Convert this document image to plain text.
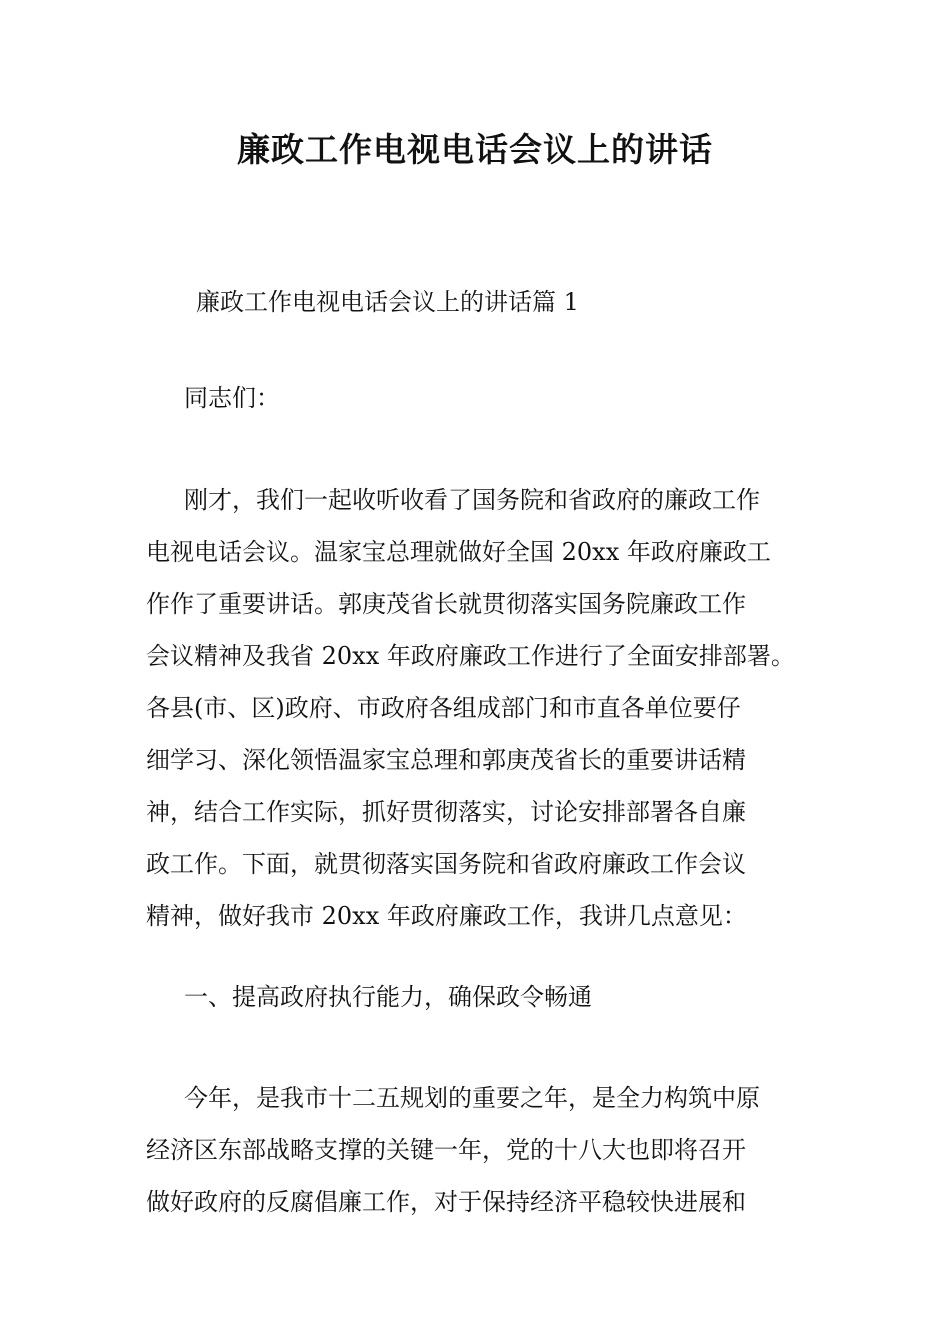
廉政工作电视电话会议上的讲话
廉政工作电视电话会议上的讲话篇 1
同志们：
刚才，我们一起收听收看了国务院和省政府的廉政工作
电视电话会议。温家宝总理就做好全国 20xx 年政府廉政工
作作了重要讲话。郭庚茂省长就贯彻落实国务院廉政工作
会议精神及我省 20xx 年政府廉政工作进行了全面安排部署。
各县(市、区)政府、市政府各组成部门和市直各单位要仔
细学习、深化领悟温家宝总理和郭庚茂省长的重要讲话精
神，结合工作实际，抓好贯彻落实，讨论安排部署各自廉
政工作。下面，就贯彻落实国务院和省政府廉政工作会议
精神，做好我市 20xx 年政府廉政工作，我讲几点意见：
一、提高政府执行能力，确保政令畅通
今年，是我市十二五规划的重要之年，是全力构筑中原
经济区东部战略支撑的关键一年，党的十八大也即将召开
做好政府的反腐倡廉工作，对于保持经济平稳较快进展和
